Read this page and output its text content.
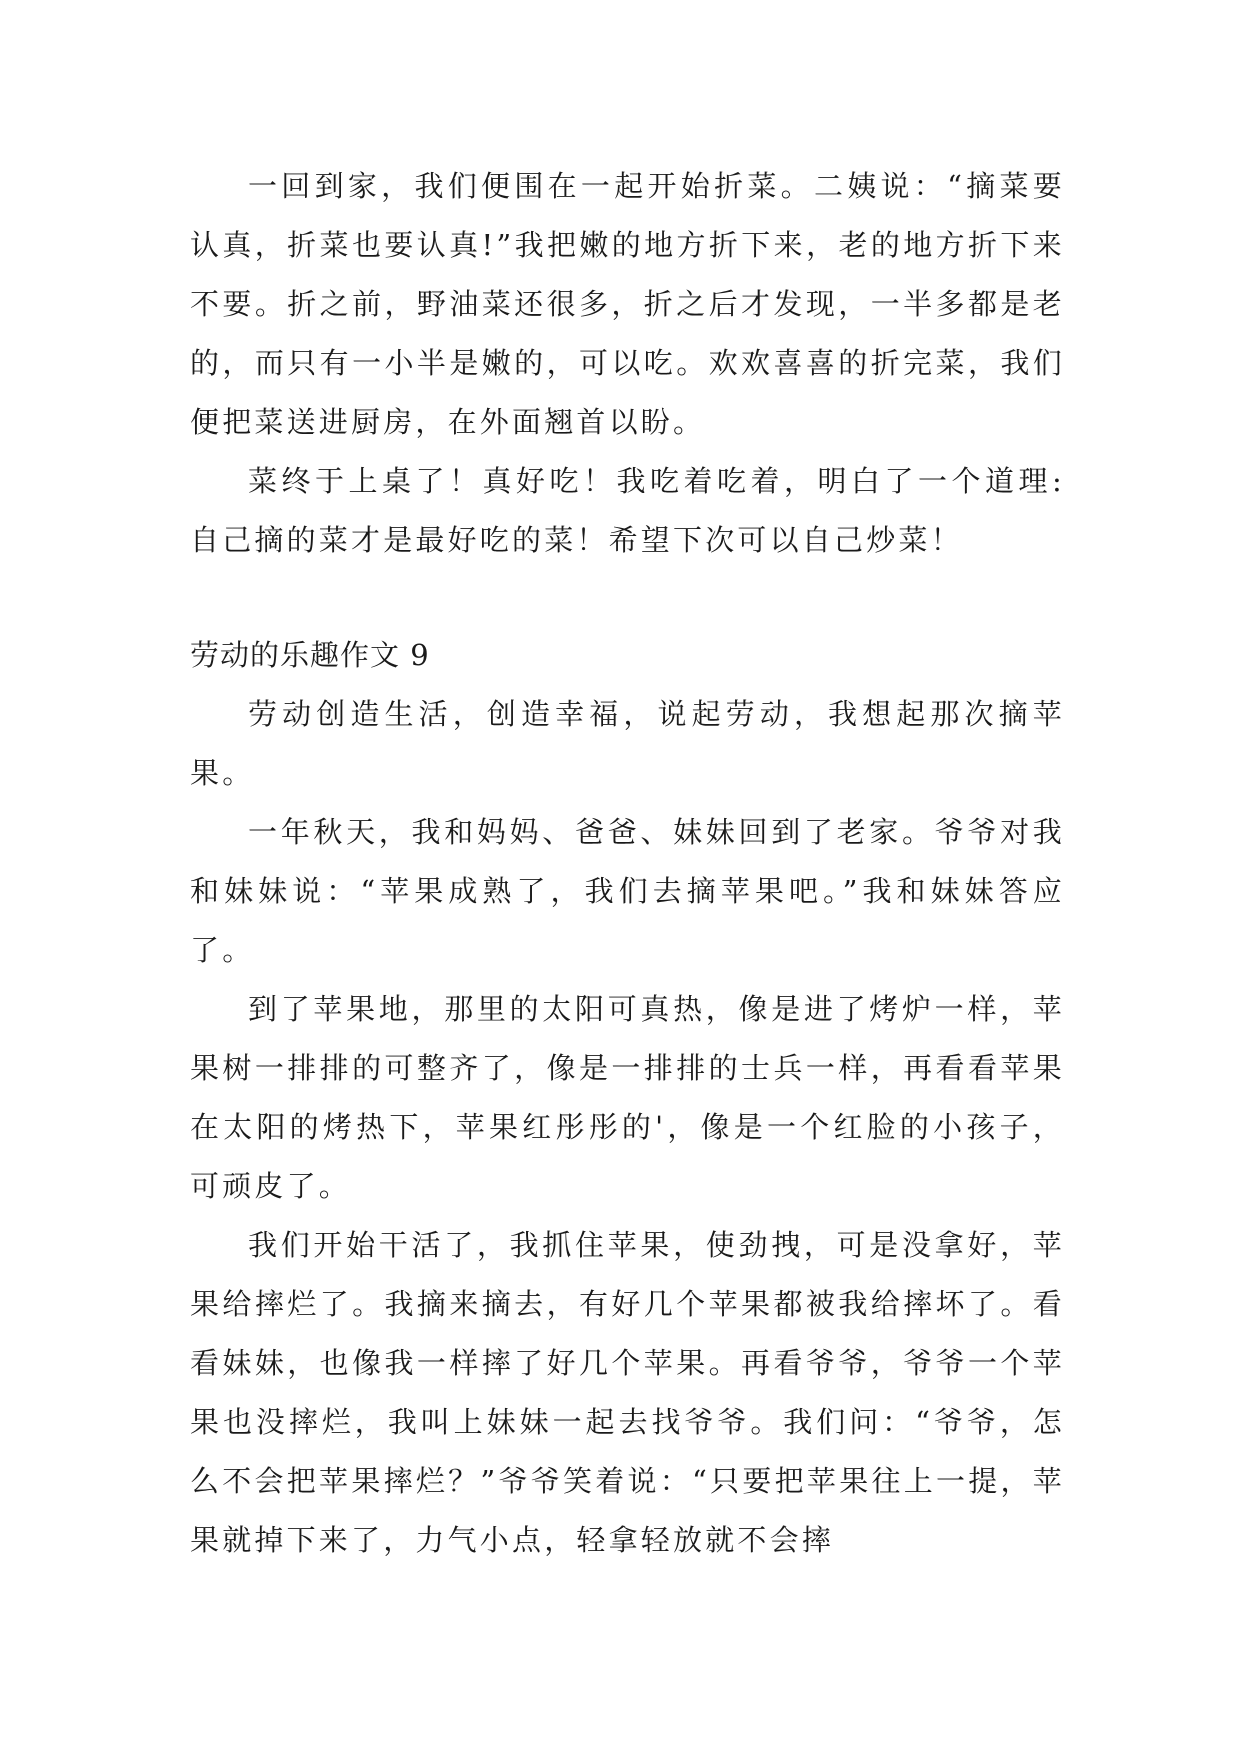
一回到家，我们便围在一起开始折菜。二姨说：“摘菜要认真，折菜也要认真!”我把嫩的地方折下来，老的地方折下来不要。折之前，野油菜还很多，折之后才发现，一半多都是老的，而只有一小半是嫩的，可以吃。欢欢喜喜的折完菜，我们便把菜送进厨房，在外面翘首以盼。

菜终于上桌了！真好吃！我吃着吃着，明白了一个道理:自己摘的菜才是最好吃的菜！希望下次可以自己炒菜！

劳动的乐趣作文 9

劳动创造生活，创造幸福，说起劳动，我想起那次摘苹果。

一年秋天，我和妈妈、爸爸、妹妹回到了老家。爷爷对我和妹妹说：“苹果成熟了，我们去摘苹果吧。”我和妹妹答应了。

到了苹果地，那里的太阳可真热，像是进了烤炉一样，苹果树一排排的可整齐了，像是一排排的士兵一样，再看看苹果在太阳的烤热下，苹果红彤彤的'，像是一个红脸的小孩子，可顽皮了。

我们开始干活了，我抓住苹果，使劲拽，可是没拿好，苹果给摔烂了。我摘来摘去，有好几个苹果都被我给摔坏了。看看妹妹，也像我一样摔了好几个苹果。再看爷爷，爷爷一个苹果也没摔烂，我叫上妹妹一起去找爷爷。我们问：“爷爷，怎么不会把苹果摔烂？”爷爷笑着说：“只要把苹果往上一提，苹果就掉下来了，力气小点，轻拿轻放就不会摔
